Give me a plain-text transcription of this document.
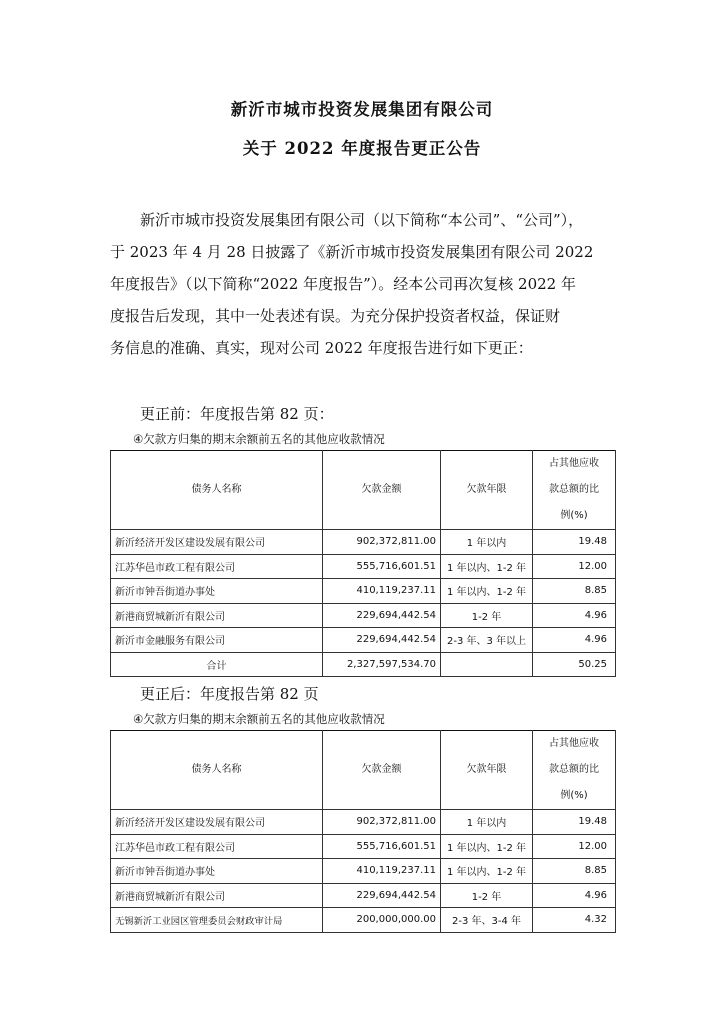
新沂市城市投资发展集团有限公司
关于 2022 年度报告更正公告

新沂市城市投资发展集团有限公司（以下简称“本公司”、“公司”），

于 2023 年 4 月 28 日披露了《新沂市城市投资发展集团有限公司 2022

年度报告》（以下简称“2022 年度报告”）。经本公司再次复核 2022 年

度报告后发现，其中一处表述有误。为充分保护投资者权益，保证财

务信息的准确、真实，现对公司 2022 年度报告进行如下更正：

更正前：年度报告第 82 页：
④欠款方归集的期末余额前五名的其他应收款情况
债务人名称	欠款金额	欠款年限	占其他应收
款总额的比
例(%)

新沂经济开发区建设发展有限公司	902,372,811.00	1 年以内	19.48
江苏华邑市政工程有限公司	555,716,601.51	1 年以内、1-2 年	12.00
新沂市钟吾街道办事处	410,119,237.11	1 年以内、1-2 年	8.85
新港商贸城新沂有限公司	229,694,442.54	1-2 年	4.96
新沂市金融服务有限公司	229,694,442.54	2-3 年、3 年以上	4.96
合计	2,327,597,534.70		50.25
更正后：年度报告第 82 页
④欠款方归集的期末余额前五名的其他应收款情况
债务人名称	欠款金额	欠款年限	占其他应收
款总额的比
例(%)

新沂经济开发区建设发展有限公司	902,372,811.00	1 年以内	19.48
江苏华邑市政工程有限公司	555,716,601.51	1 年以内、1-2 年	12.00
新沂市钟吾街道办事处	410,119,237.11	1 年以内、1-2 年	8.85
新港商贸城新沂有限公司	229,694,442.54	1-2 年	4.96
无锡新沂工业园区管理委员会财政审计局	200,000,000.00	2-3 年、3-4 年	4.32
